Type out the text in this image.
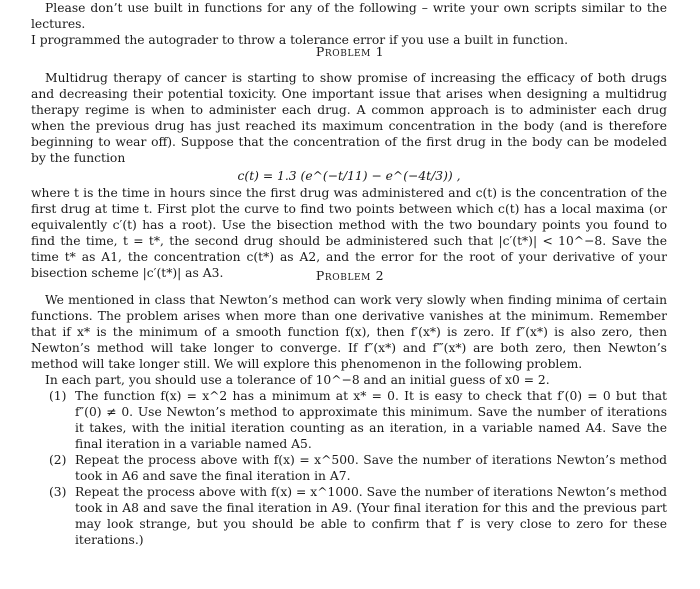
Please don’t use built in functions for any of the following – write your own scripts similar to the lectures.

I programmed the autograder to throw a tolerance error if you use a built in function.

Problem 1

Multidrug therapy of cancer is starting to show promise of increasing the efficacy of both drugs and decreasing their potential toxicity. One important issue that arises when designing a multidrug therapy regime is when to administer each drug. A common approach is to administer each drug when the previous drug has just reached its maximum concentration in the body (and is therefore beginning to wear off). Suppose that the concentration of the first drug in the body can be modeled by the function

c(t) = 1.3 (e^(−t/11) − e^(−4t/3)) ,

where t is the time in hours since the first drug was administered and c(t) is the concentration of the first drug at time t. First plot the curve to find two points between which c(t) has a local maxima (or equivalently c′(t) has a root). Use the bisection method with the two boundary points you found to find the time, t = t*, the second drug should be administered such that |c′(t*)| < 10^−8. Save the time t* as A1, the concentration c(t*) as A2, and the error for the root of your derivative of your bisection scheme |c′(t*)| as A3.	Problem 2

We mentioned in class that Newton’s method can work very slowly when finding minima of certain functions. The problem arises when more than one derivative vanishes at the minimum. Remember that if x* is the minimum of a smooth function f(x), then f′(x*) is zero. If f″(x*) is also zero, then Newton’s method will take longer to converge. If f″(x*) and f‴(x*) are both zero, then Newton’s method will take longer still. We will explore this phenomenon in the following problem.

In each part, you should use a tolerance of 10^−8 and an initial guess of x0 = 2.

(1) The function f(x) = x^2 has a minimum at x* = 0. It is easy to check that f′(0) = 0 but that f″(0) ≠ 0. Use Newton’s method to approximate this minimum. Save the number of iterations it takes, with the initial iteration counting as an iteration, in a variable named A4. Save the final iteration in a variable named A5.
(2) Repeat the process above with f(x) = x^500. Save the number of iterations Newton’s method took in A6 and save the final iteration in A7.
(3) Repeat the process above with f(x) = x^1000. Save the number of iterations Newton’s method took in A8 and save the final iteration in A9. (Your final iteration for this and the previous part may look strange, but you should be able to confirm that f′ is very close to zero for these iterations.)
